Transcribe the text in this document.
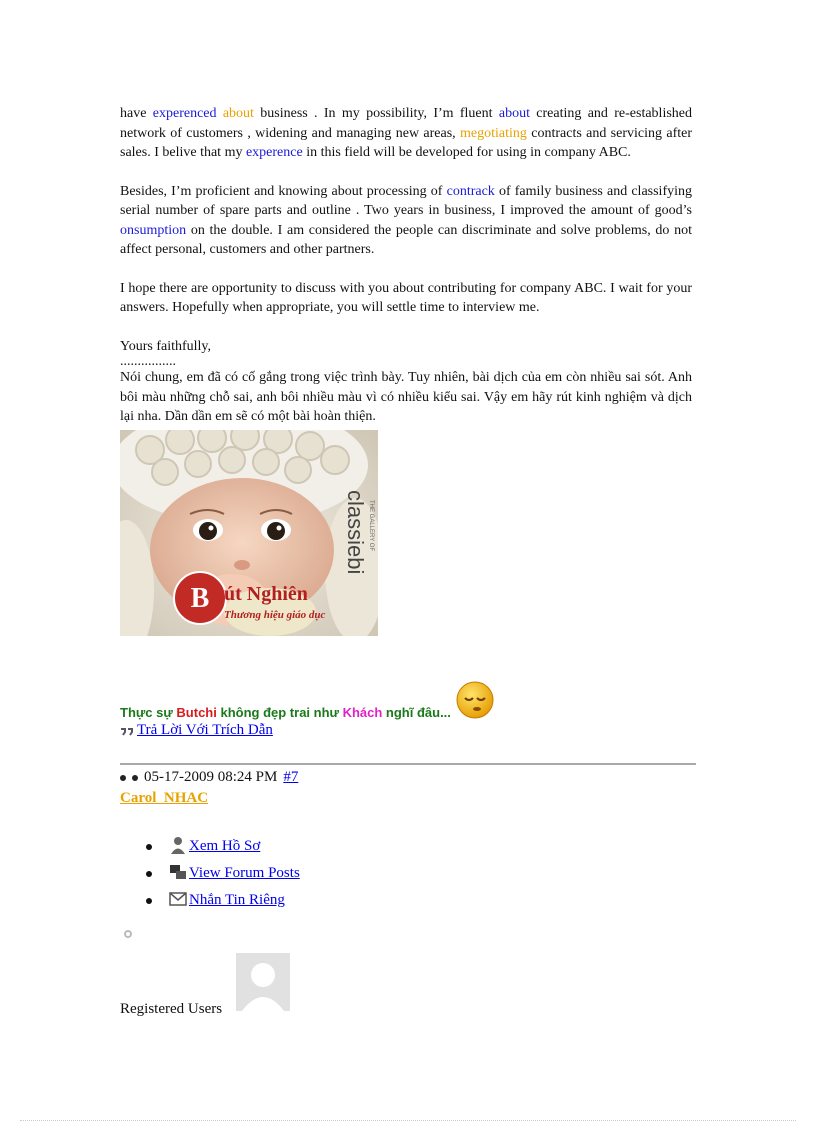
have experenced about business . In my possibility, I’m fluent about creating and re-established network of customers , widening and managing new areas, megotiating contracts and servicing after sales. I belive that my experence in this field will be developed for using in company ABC.

Besides, I’m proficient and knowing about processing of contrack of family business and classifying serial number of spare parts and outline . Two years in business, I improved the amount of good’s onsumption on the double. I am considered the people can discriminate and solve problems, do not affect personal, customers and other partners.

I hope there are opportunity to discuss with you about contributing for company ABC. I wait for your answers. Hopefully when appropriate, you will settle time to interview me.

Yours faithfully,

................

Nói chung, em đã có cố gắng trong việc trình bày. Tuy nhiên, bài dịch của em còn nhiều sai sót. Anh bôi màu những chỗ sai, anh bôi nhiều màu vì có nhiều kiểu sai. Vậy em hãy rút kinh nghiệm và dịch lại nha. Dần dần em sẽ có một bài hoàn thiện.

B út Nghiên
Thương hiệu giáo dục
classiebi THE GALLERY OF
Thực sự Butchi không đẹp trai như Khách nghĩ đâu...
Trả Lời Với Trích Dẫn
05-17-2009 08:24 PM #7
Carol_NHAC
Xem Hồ Sơ
View Forum Posts
Nhắn Tin Riêng
Registered Users
